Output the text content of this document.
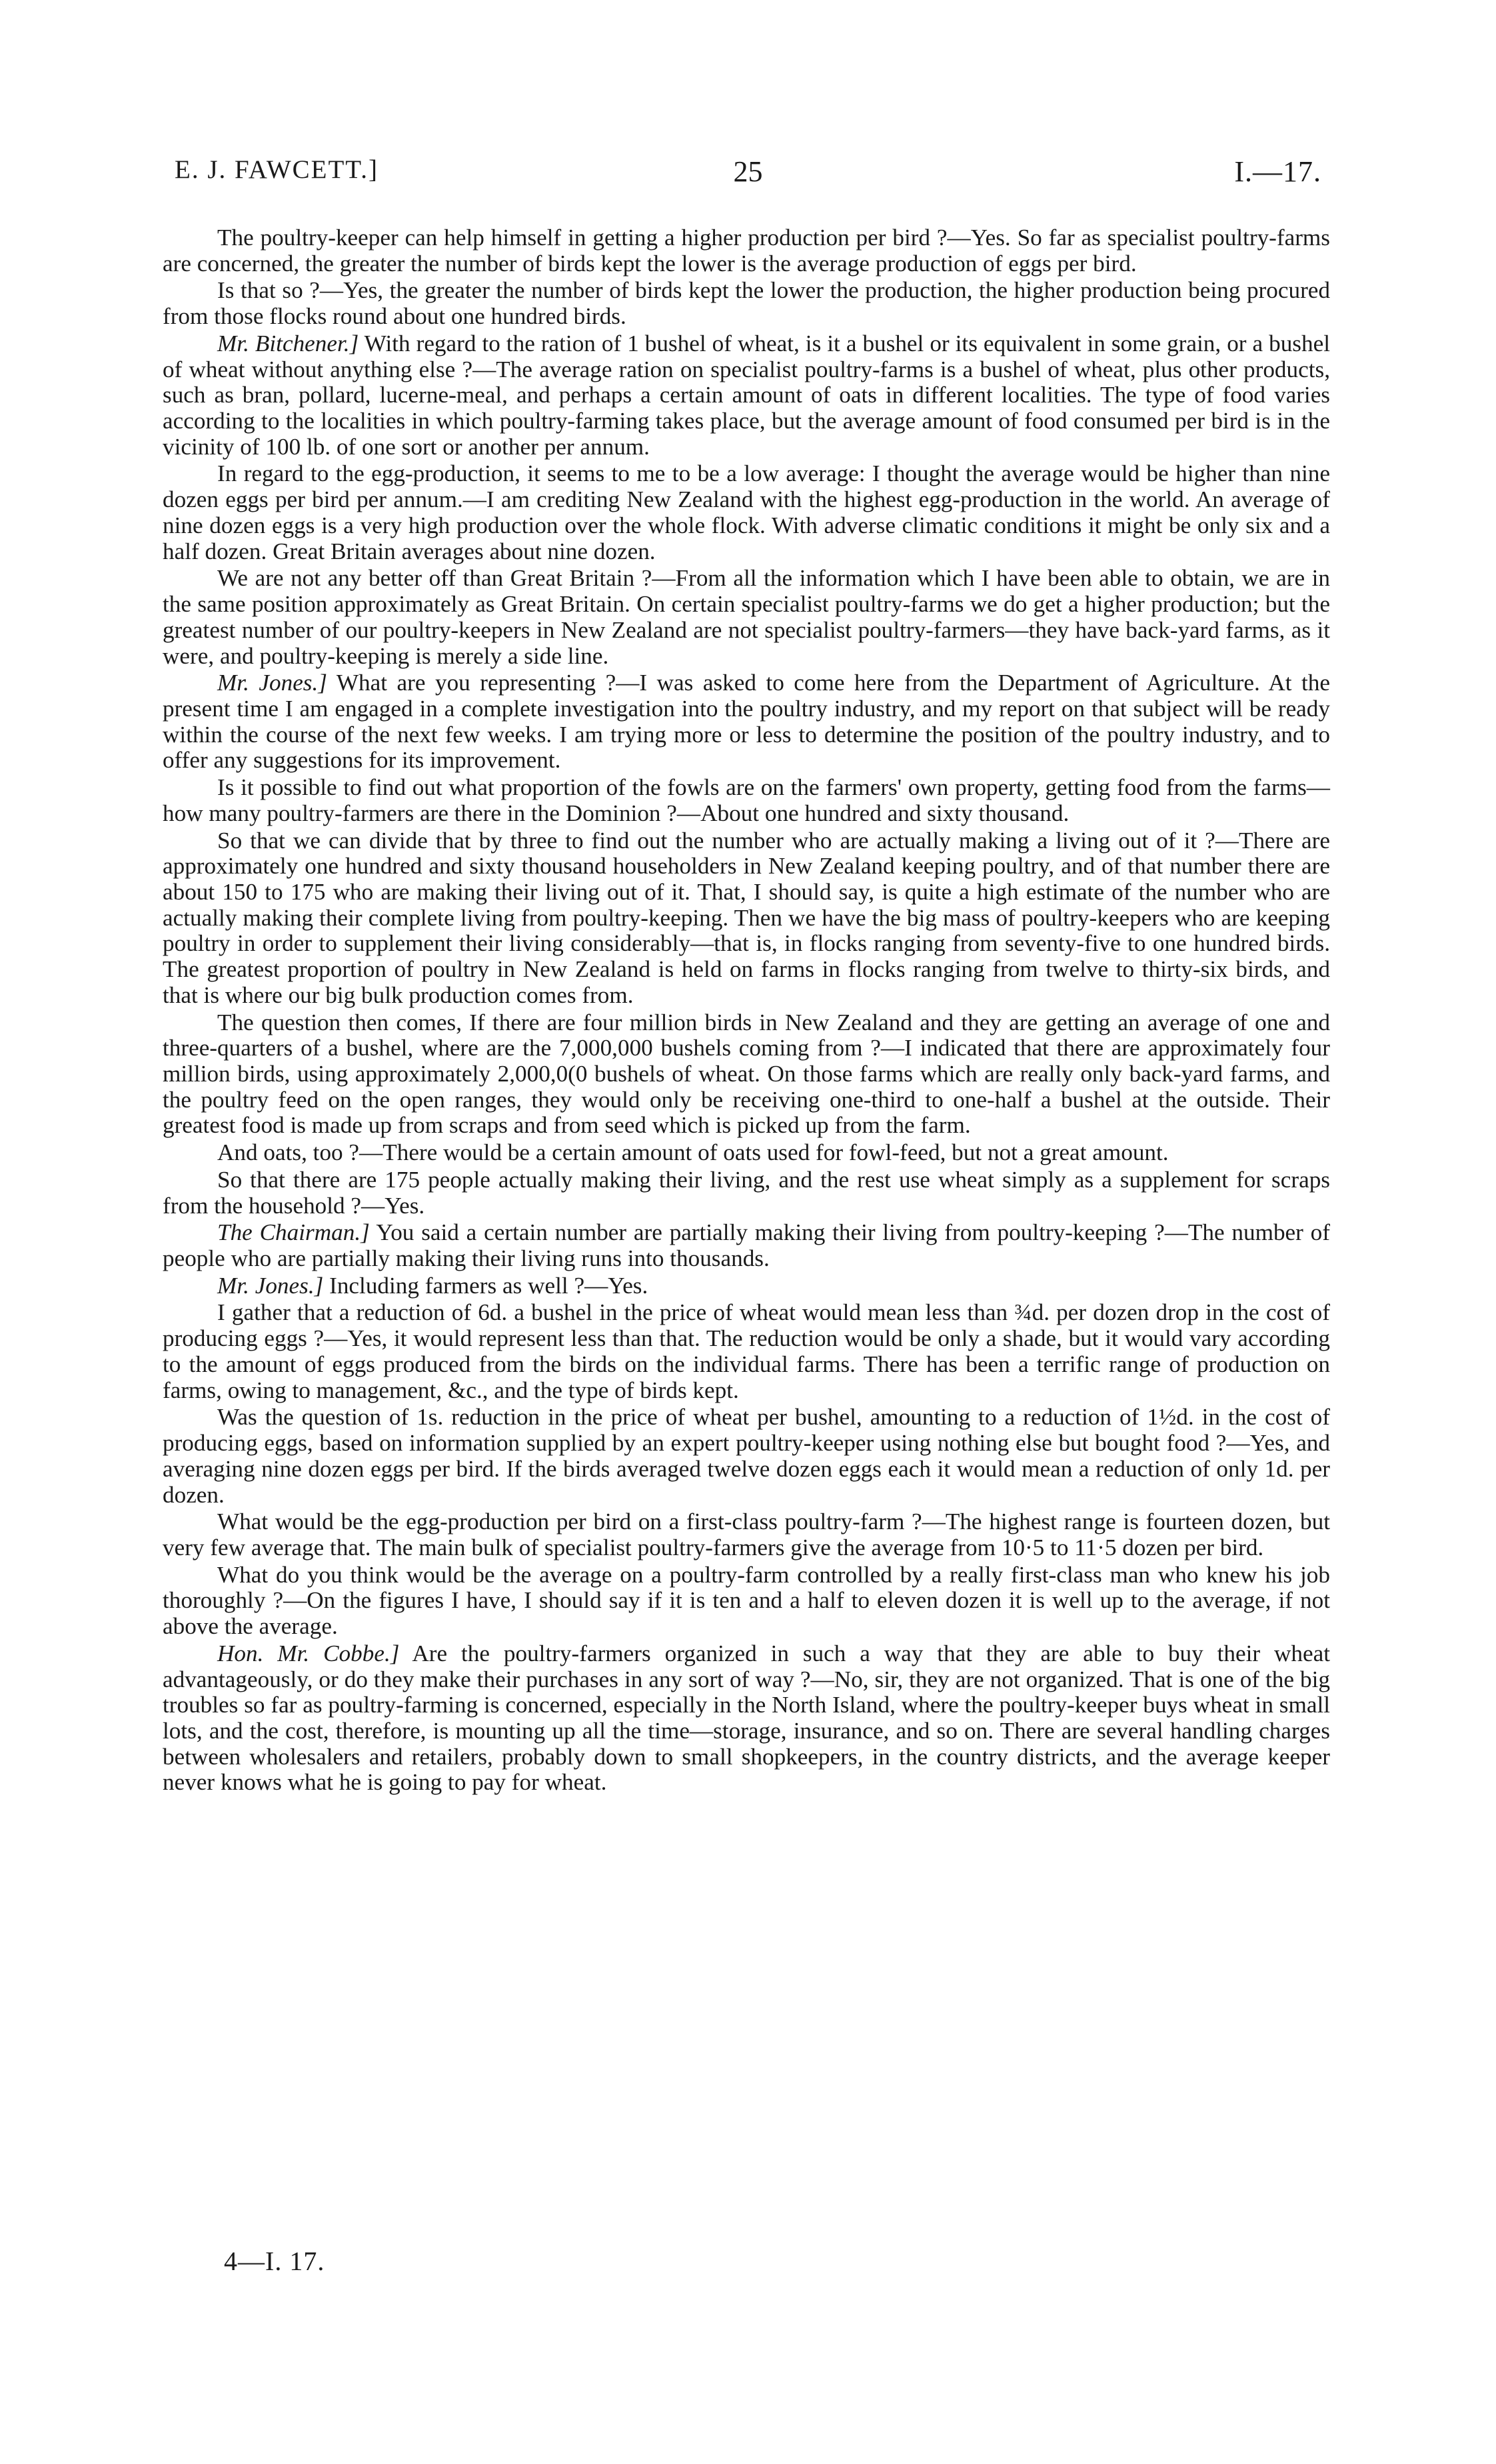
E. J. FAWCETT.]	25	I.—17.

The poultry-keeper can help himself in getting a higher production per bird ?—Yes. So far as specialist poultry-farms are concerned, the greater the number of birds kept the lower is the average production of eggs per bird.

Is that so ?—Yes, the greater the number of birds kept the lower the production, the higher production being procured from those flocks round about one hundred birds.

Mr. Bitchener.] With regard to the ration of 1 bushel of wheat, is it a bushel or its equivalent in some grain, or a bushel of wheat without anything else ?—The average ration on specialist poultry-farms is a bushel of wheat, plus other products, such as bran, pollard, lucerne-meal, and perhaps a certain amount of oats in different localities. The type of food varies according to the localities in which poultry-farming takes place, but the average amount of food consumed per bird is in the vicinity of 100 lb. of one sort or another per annum.

In regard to the egg-production, it seems to me to be a low average: I thought the average would be higher than nine dozen eggs per bird per annum.—I am crediting New Zealand with the highest egg-production in the world. An average of nine dozen eggs is a very high production over the whole flock. With adverse climatic conditions it might be only six and a half dozen. Great Britain averages about nine dozen.

We are not any better off than Great Britain ?—From all the information which I have been able to obtain, we are in the same position approximately as Great Britain. On certain specialist poultry-farms we do get a higher production; but the greatest number of our poultry-keepers in New Zealand are not specialist poultry-farmers—they have back-yard farms, as it were, and poultry-keeping is merely a side line.

Mr. Jones.] What are you representing ?—I was asked to come here from the Department of Agriculture. At the present time I am engaged in a complete investigation into the poultry industry, and my report on that subject will be ready within the course of the next few weeks. I am trying more or less to determine the position of the poultry industry, and to offer any suggestions for its improvement.

Is it possible to find out what proportion of the fowls are on the farmers' own property, getting food from the farms—how many poultry-farmers are there in the Dominion ?—About one hundred and sixty thousand.

So that we can divide that by three to find out the number who are actually making a living out of it ?—There are approximately one hundred and sixty thousand householders in New Zealand keeping poultry, and of that number there are about 150 to 175 who are making their living out of it. That, I should say, is quite a high estimate of the number who are actually making their complete living from poultry-keeping. Then we have the big mass of poultry-keepers who are keeping poultry in order to supplement their living considerably—that is, in flocks ranging from seventy-five to one hundred birds. The greatest proportion of poultry in New Zealand is held on farms in flocks ranging from twelve to thirty-six birds, and that is where our big bulk production comes from.

The question then comes, If there are four million birds in New Zealand and they are getting an average of one and three-quarters of a bushel, where are the 7,000,000 bushels coming from ?—I indicated that there are approximately four million birds, using approximately 2,000,0(0 bushels of wheat. On those farms which are really only back-yard farms, and the poultry feed on the open ranges, they would only be receiving one-third to one-half a bushel at the outside. Their greatest food is made up from scraps and from seed which is picked up from the farm.

And oats, too ?—There would be a certain amount of oats used for fowl-feed, but not a great amount.

So that there are 175 people actually making their living, and the rest use wheat simply as a supplement for scraps from the household ?—Yes.

The Chairman.] You said a certain number are partially making their living from poultry-keeping ?—The number of people who are partially making their living runs into thousands.

Mr. Jones.] Including farmers as well ?—Yes.

I gather that a reduction of 6d. a bushel in the price of wheat would mean less than ¾d. per dozen drop in the cost of producing eggs ?—Yes, it would represent less than that. The reduction would be only a shade, but it would vary according to the amount of eggs produced from the birds on the individual farms. There has been a terrific range of production on farms, owing to management, &c., and the type of birds kept.

Was the question of 1s. reduction in the price of wheat per bushel, amounting to a reduction of 1½d. in the cost of producing eggs, based on information supplied by an expert poultry-keeper using nothing else but bought food ?—Yes, and averaging nine dozen eggs per bird. If the birds averaged twelve dozen eggs each it would mean a reduction of only 1d. per dozen.

What would be the egg-production per bird on a first-class poultry-farm ?—The highest range is fourteen dozen, but very few average that. The main bulk of specialist poultry-farmers give the average from 10·5 to 11·5 dozen per bird.

What do you think would be the average on a poultry-farm controlled by a really first-class man who knew his job thoroughly ?—On the figures I have, I should say if it is ten and a half to eleven dozen it is well up to the average, if not above the average.

Hon. Mr. Cobbe.] Are the poultry-farmers organized in such a way that they are able to buy their wheat advantageously, or do they make their purchases in any sort of way ?—No, sir, they are not organized. That is one of the big troubles so far as poultry-farming is concerned, especially in the North Island, where the poultry-keeper buys wheat in small lots, and the cost, therefore, is mounting up all the time—storage, insurance, and so on. There are several handling charges between wholesalers and retailers, probably down to small shopkeepers, in the country districts, and the average keeper never knows what he is going to pay for wheat.

4—I. 17.
